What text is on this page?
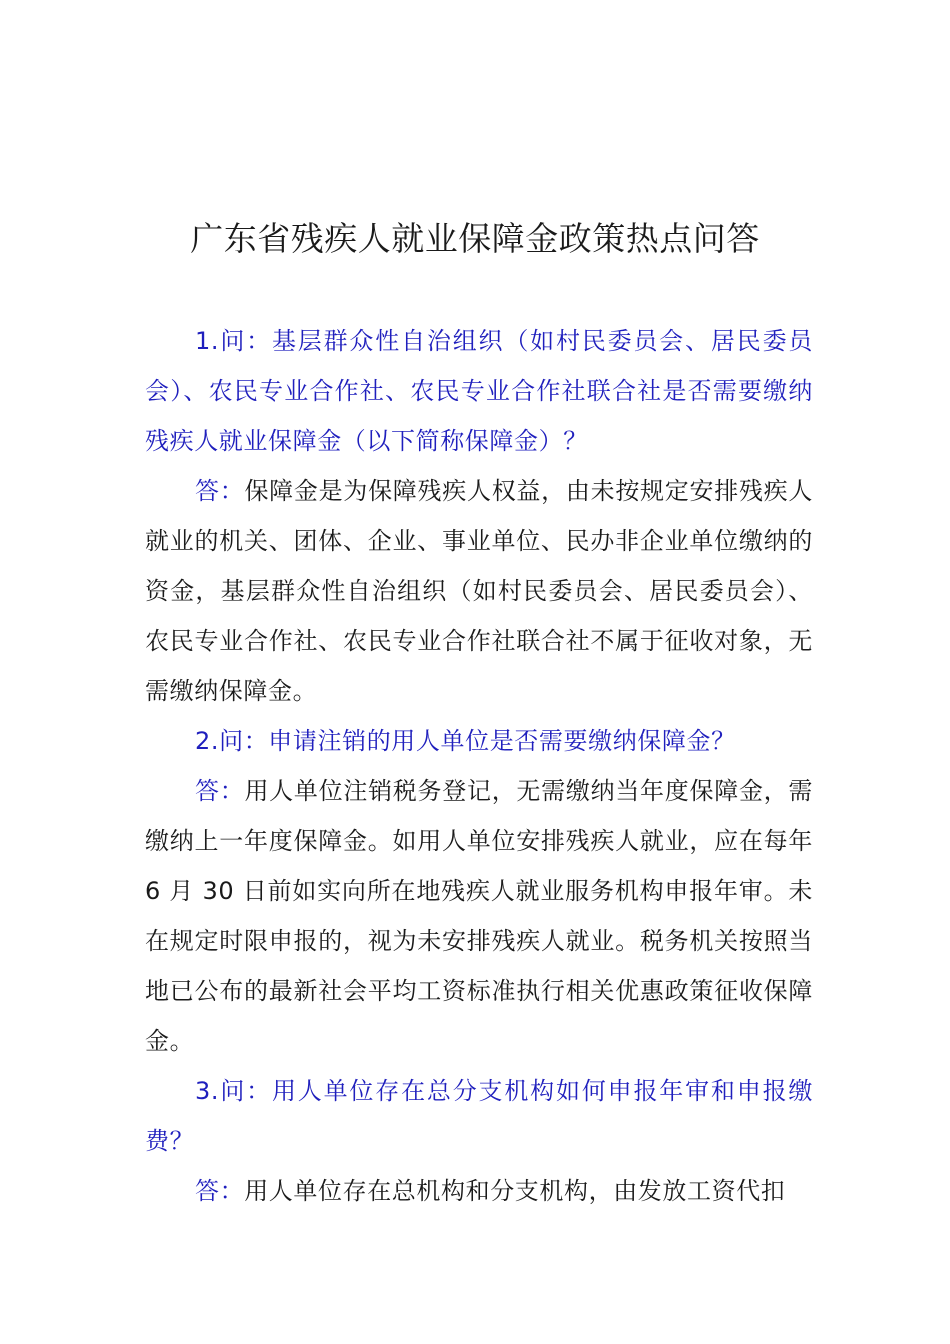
广东省残疾人就业保障金政策热点问答

1.问：基层群众性自治组织（如村民委员会、居民委员会）、农民专业合作社、农民专业合作社联合社是否需要缴纳残疾人就业保障金（以下简称保障金）？

答：保障金是为保障残疾人权益，由未按规定安排残疾人就业的机关、团体、企业、事业单位、民办非企业单位缴纳的资金，基层群众性自治组织（如村民委员会、居民委员会）、农民专业合作社、农民专业合作社联合社不属于征收对象，无需缴纳保障金。

2.问：申请注销的用人单位是否需要缴纳保障金？

答：用人单位注销税务登记，无需缴纳当年度保障金，需缴纳上一年度保障金。如用人单位安排残疾人就业，应在每年 6 月 30 日前如实向所在地残疾人就业服务机构申报年审。未在规定时限申报的，视为未安排残疾人就业。税务机关按照当地已公布的最新社会平均工资标准执行相关优惠政策征收保障金。

3.问：用人单位存在总分支机构如何申报年审和申报缴费？

答：用人单位存在总机构和分支机构，由发放工资代扣
